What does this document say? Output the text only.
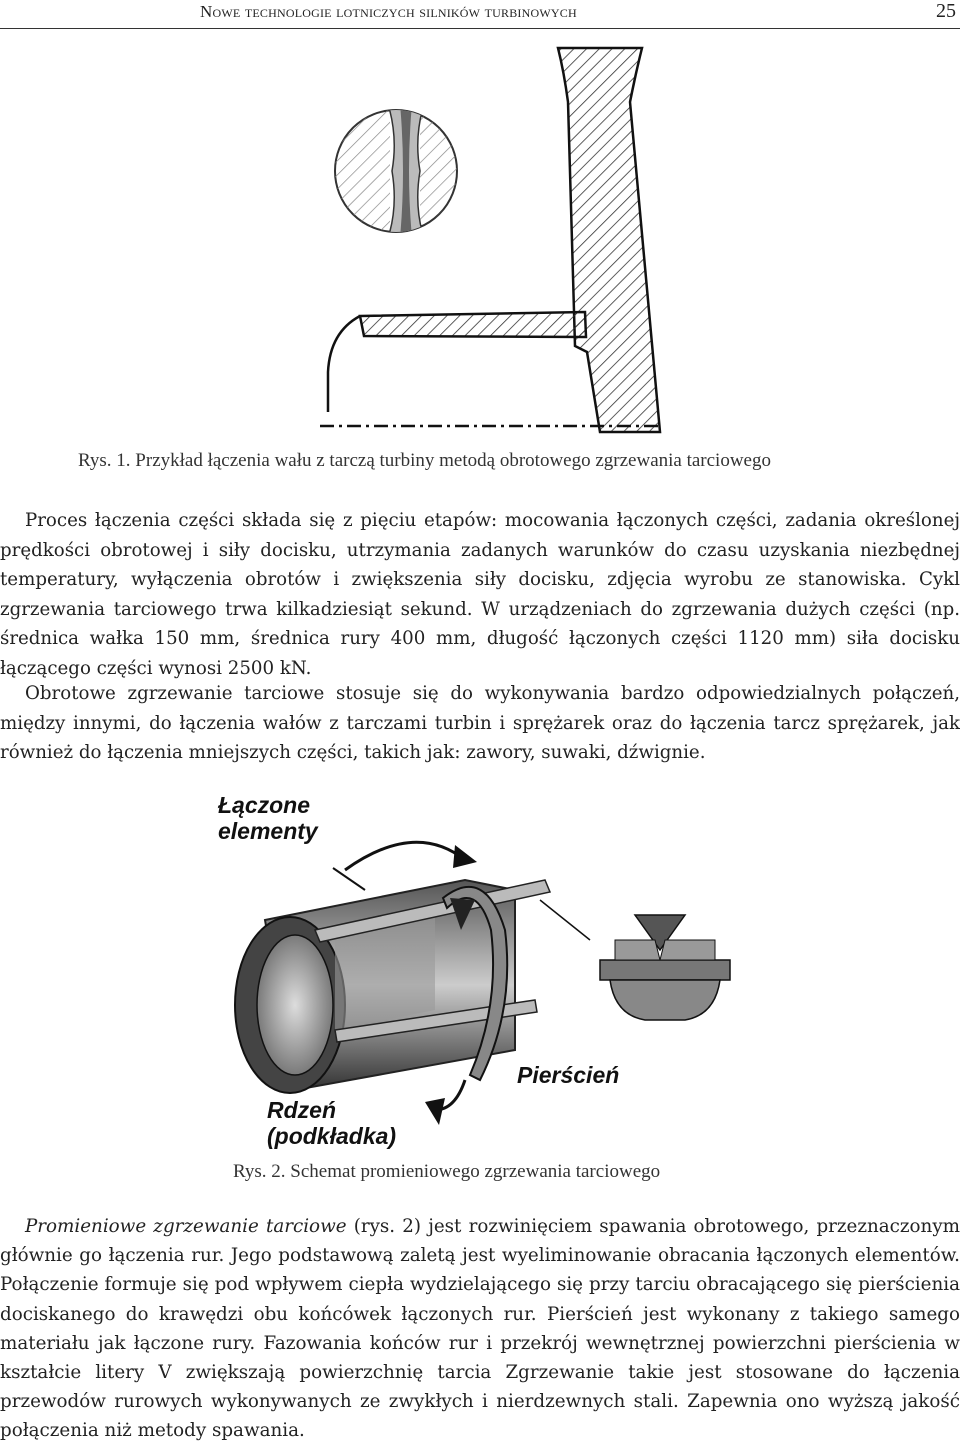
Nowe technologie lotniczych silników turbinowych	25
Rys. 1. Przykład łączenia wału z tarczą turbiny metodą obrotowego zgrzewania tarciowego

Proces łączenia części składa się z pięciu etapów: mocowania łączonych części, zadania określonej prędkości obrotowej i siły docisku, utrzymania zadanych warunków do czasu uzyskania niezbędnej temperatury, wyłączenia obrotów i zwiększenia siły docisku, zdjęcia wyrobu ze stanowiska. Cykl zgrzewania tarciowego trwa kilkadziesiąt sekund. W urządzeniach do zgrzewania dużych części (np. średnica wałka 150 mm, średnica rury 400 mm, długość łączonych części 1120 mm) siła docisku łączącego części wynosi 2500 kN.

Obrotowe zgrzewanie tarciowe stosuje się do wykonywania bardzo odpowiedzialnych połączeń, między innymi, do łączenia wałów z tarczami turbin i sprężarek oraz do łączenia tarcz sprężarek, jak również do łączenia mniejszych części, takich jak: zawory, suwaki, dźwignie.

Łączone
elementy
Pierścień
Rdzeń
(podkładka)
Rys. 2. Schemat promieniowego zgrzewania tarciowego

Promieniowe zgrzewanie tarciowe (rys. 2) jest rozwinięciem spawania obrotowego, przeznaczonym głównie go łączenia rur. Jego podstawową zaletą jest wyeliminowanie obracania łączonych elementów. Połączenie formuje się pod wpływem ciepła wydzielającego się przy tarciu obracającego się pierścienia dociskanego do krawędzi obu końcówek łączonych rur. Pierścień jest wykonany z takiego samego materiału jak łączone rury. Fazowania końców rur i przekrój wewnętrznej powierzchni pierścienia w kształcie litery V zwiększają powierzchnię tarcia Zgrzewanie takie jest stosowane do łączenia przewodów rurowych wykonywanych ze zwykłych i nierdzewnych stali. Zapewnia ono wyższą jakość połączenia niż metody spawania.
